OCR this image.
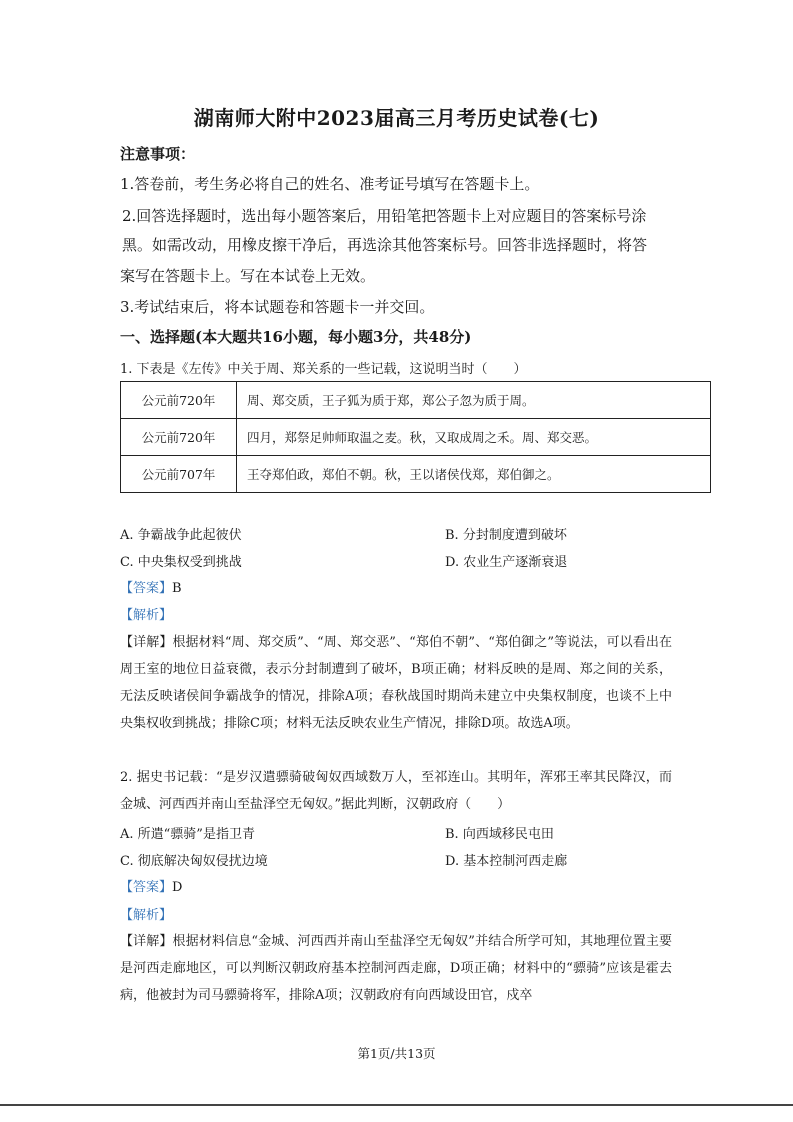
湖南师大附中2023届高三月考历史试卷(七)
注意事项：
1.答卷前，考生务必将自己的姓名、准考证号填写在答题卡上。
2.回答选择题时，选出每小题答案后，用铅笔把答题卡上对应题目的答案标号涂
黑。如需改动，用橡皮擦干净后，再选涂其他答案标号。回答非选择题时，将答
案写在答题卡上。写在本试卷上无效。
3.考试结束后，将本试题卷和答题卡一并交回。
一、选择题(本大题共16小题，每小题3分，共48分)
1. 下表是《左传》中关于周、郑关系的一些记载，这说明当时（　　）
公元前720年	周、郑交质，王子狐为质于郑，郑公子忽为质于周。
公元前720年	四月，郑祭足帅师取温之麦。秋，又取成周之禾。周、郑交恶。
公元前707年	王夺郑伯政，郑伯不朝。秋，王以诸侯伐郑，郑伯御之。
A. 争霸战争此起彼伏	B. 分封制度遭到破坏
C. 中央集权受到挑战	D. 农业生产逐渐衰退
【答案】B
【解析】
【详解】根据材料“周、郑交质”、“周、郑交恶”、“郑伯不朝”、“郑伯御之”等说法，可以看出在周王室的地位日益衰微，表示分封制遭到了破坏，B项正确；材料反映的是周、郑之间的关系，无法反映诸侯间争霸战争的情况，排除A项；春秋战国时期尚未建立中央集权制度，也谈不上中央集权收到挑战；排除C项；材料无法反映农业生产情况，排除D项。故选A项。
2. 据史书记载：“是岁汉遣骠骑破匈奴西域数万人，至祁连山。其明年，浑邪王率其民降汉，而金城、河西西并南山至盐泽空无匈奴。”据此判断，汉朝政府（　　）
A. 所遣“骠骑”是指卫青	B. 向西域移民屯田
C. 彻底解决匈奴侵扰边境	D. 基本控制河西走廊
【答案】D
【解析】
【详解】根据材料信息“金城、河西西并南山至盐泽空无匈奴”并结合所学可知，其地理位置主要是河西走廊地区，可以判断汉朝政府基本控制河西走廊，D项正确；材料中的“骠骑”应该是霍去病，他被封为司马骠骑将军，排除A项；汉朝政府有向西域设田官，戍卒
第1页/共13页
